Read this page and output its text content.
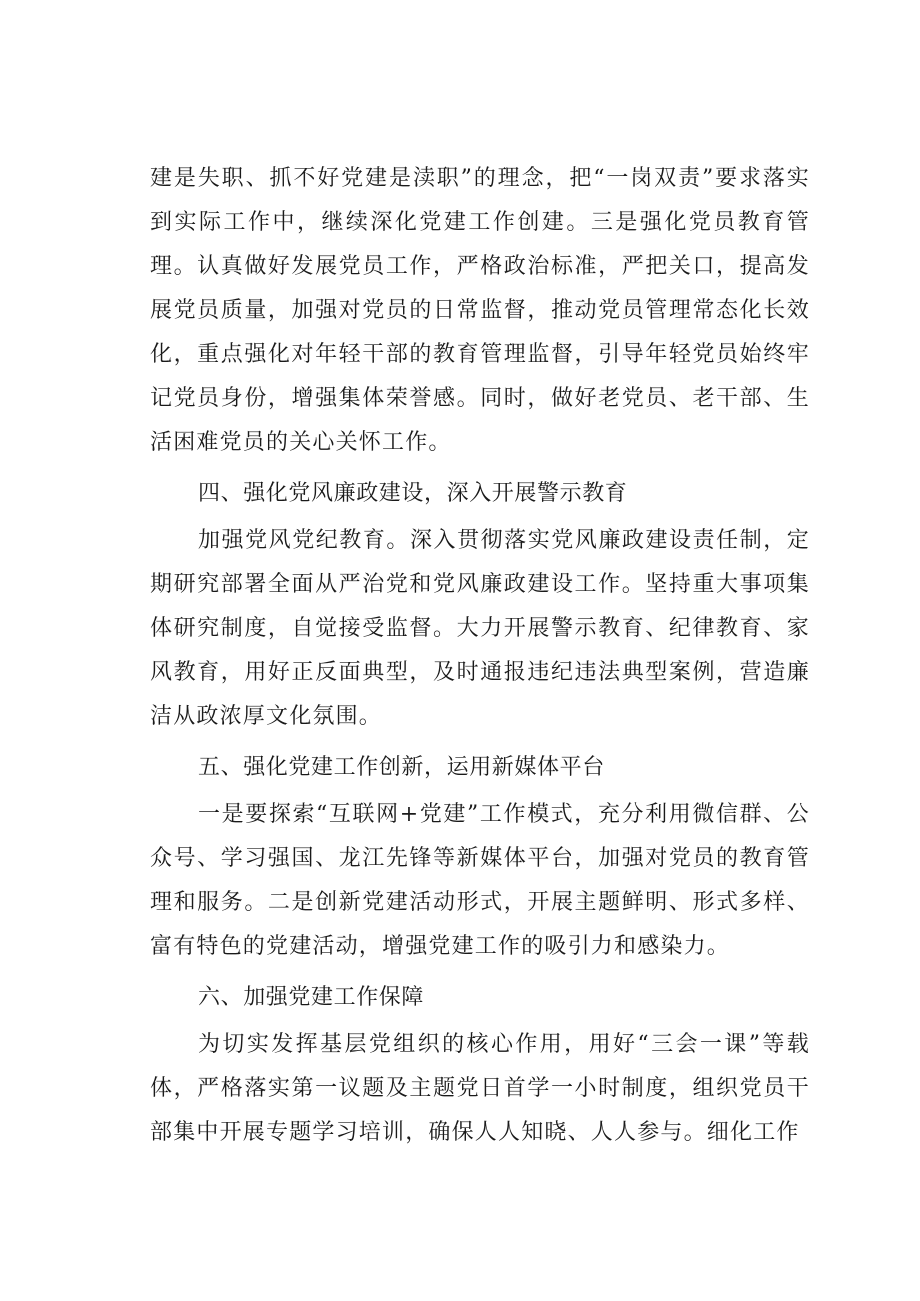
建是失职、抓不好党建是渎职”的理念，把“一岗双责”要求落实到实际工作中，继续深化党建工作创建。三是强化党员教育管理。认真做好发展党员工作，严格政治标准，严把关口，提高发展党员质量，加强对党员的日常监督，推动党员管理常态化长效化，重点强化对年轻干部的教育管理监督，引导年轻党员始终牢记党员身份，增强集体荣誉感。同时，做好老党员、老干部、生活困难党员的关心关怀工作。

四、强化党风廉政建设，深入开展警示教育

加强党风党纪教育。深入贯彻落实党风廉政建设责任制，定期研究部署全面从严治党和党风廉政建设工作。坚持重大事项集体研究制度，自觉接受监督。大力开展警示教育、纪律教育、家风教育，用好正反面典型，及时通报违纪违法典型案例，营造廉洁从政浓厚文化氛围。

五、强化党建工作创新，运用新媒体平台

一是要探索“互联网+党建”工作模式，充分利用微信群、公众号、学习强国、龙江先锋等新媒体平台，加强对党员的教育管理和服务。二是创新党建活动形式，开展主题鲜明、形式多样、富有特色的党建活动，增强党建工作的吸引力和感染力。

六、加强党建工作保障

为切实发挥基层党组织的核心作用，用好“三会一课”等载体，严格落实第一议题及主题党日首学一小时制度，组织党员干部集中开展专题学习培训，确保人人知晓、人人参与。细化工作
